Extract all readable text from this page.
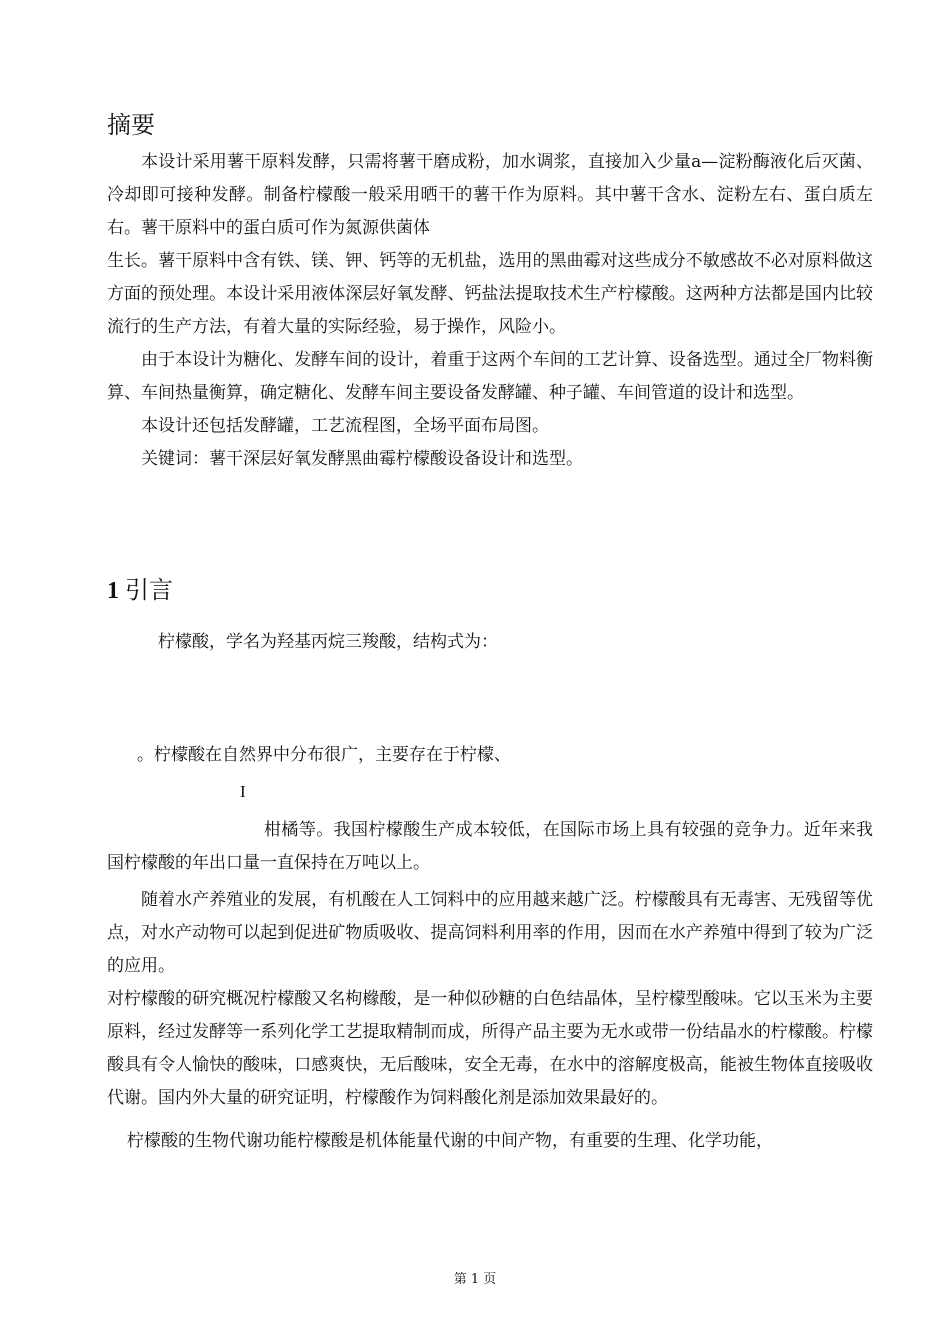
摘要

本设计采用薯干原料发酵，只需将薯干磨成粉，加水调浆，直接加入少量a—淀粉酶液化后灭菌、冷却即可接种发酵。制备柠檬酸一般采用晒干的薯干作为原料。其中薯干含水、淀粉左右、蛋白质左右。薯干原料中的蛋白质可作为氮源供菌体

生长。薯干原料中含有铁、镁、钾、钙等的无机盐，选用的黑曲霉对这些成分不敏感故不必对原料做这方面的预处理。本设计采用液体深层好氧发酵、钙盐法提取技术生产柠檬酸。这两种方法都是国内比较流行的生产方法，有着大量的实际经验，易于操作，风险小。

由于本设计为糖化、发酵车间的设计，着重于这两个车间的工艺计算、设备选型。通过全厂物料衡算、车间热量衡算，确定糖化、发酵车间主要设备发酵罐、种子罐、车间管道的设计和选型。

本设计还包括发酵罐，工艺流程图，全场平面布局图。

关键词：薯干深层好氧发酵黑曲霉柠檬酸设备设计和选型。

1 引言
柠檬酸，学名为羟基丙烷三羧酸，结构式为：
。柠檬酸在自然界中分布很广，主要存在于柠檬、
I

柑橘等。我国柠檬酸生产成本较低，在国际市场上具有较强的竞争力。近年来我国柠檬酸的年出口量一直保持在万吨以上。

随着水产养殖业的发展，有机酸在人工饲料中的应用越来越广泛。柠檬酸具有无毒害、无残留等优点，对水产动物可以起到促进矿物质吸收、提高饲料利用率的作用，因而在水产养殖中得到了较为广泛的应用。

对柠檬酸的研究概况柠檬酸又名枸橼酸，是一种似砂糖的白色结晶体，呈柠檬型酸味。它以玉米为主要原料，经过发酵等一系列化学工艺提取精制而成，所得产品主要为无水或带一份结晶水的柠檬酸。柠檬酸具有令人愉快的酸味，口感爽快，无后酸味，安全无毒，在水中的溶解度极高，能被生物体直接吸收代谢。国内外大量的研究证明，柠檬酸作为饲料酸化剂是添加效果最好的。

柠檬酸的生物代谢功能柠檬酸是机体能量代谢的中间产物，有重要的生理、化学功能，

第 1 页
